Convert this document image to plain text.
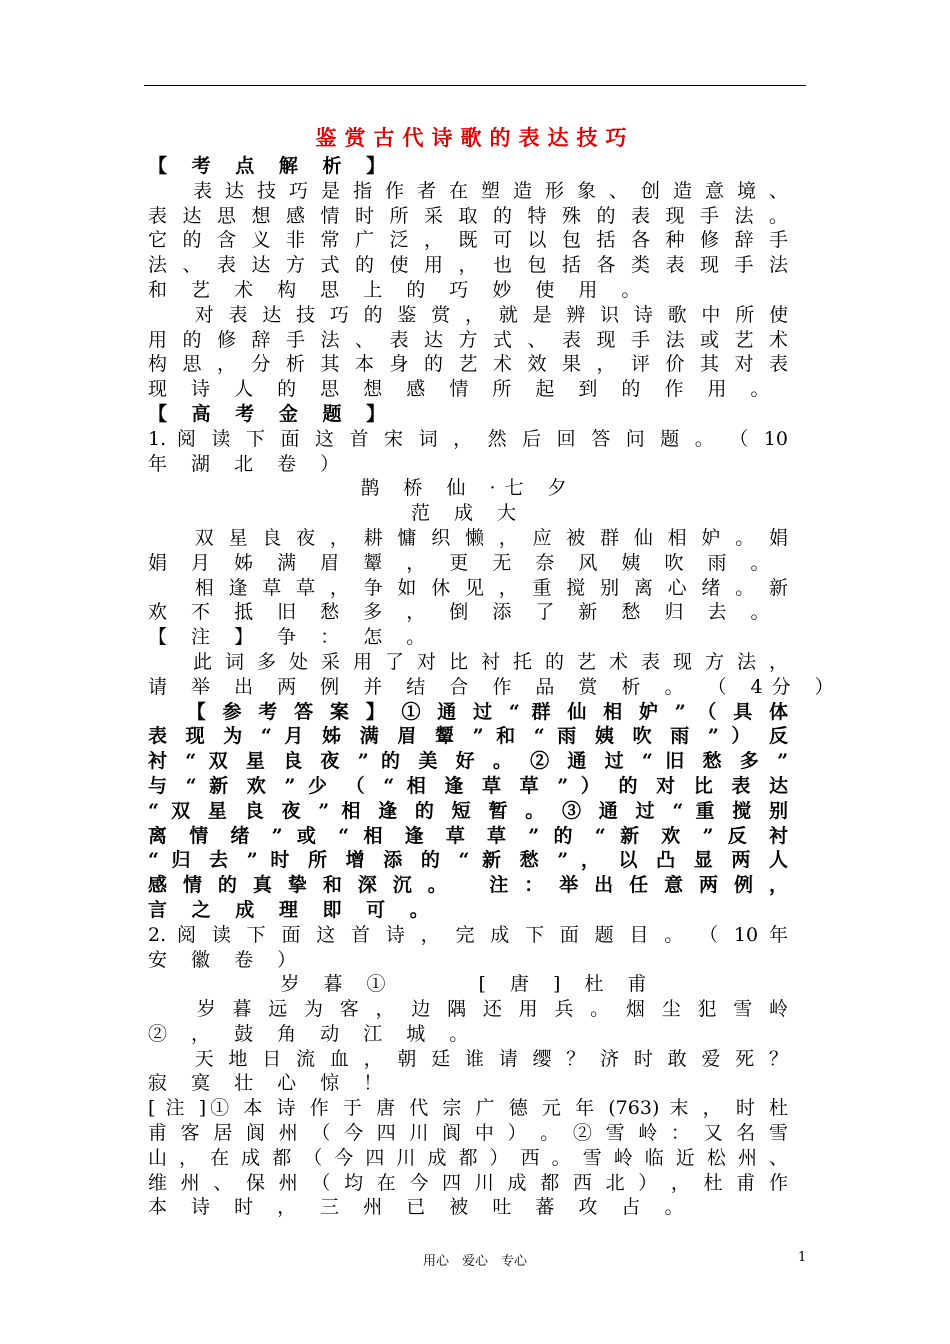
鉴赏古代诗歌的表达技巧
【 考 点 解 析 】
　　表 达 技 巧 是 指 作 者 在 塑 造 形 象 、 创 造 意 境 、
表 达 思 想 感 情 时 所 采 取 的 特 殊 的 表 现 手 法 。
它 的 含 义 非 常 广 泛 ， 既 可 以 包 括 各 种 修 辞 手
法 、 表 达 方 式 的 使 用 ， 也 包 括 各 类 表 现 手 法
和 艺 术 构 思 上 的 巧 妙 使 用 。
　　对 表 达 技 巧 的 鉴 赏 ， 就 是 辨 识 诗 歌 中 所 使
用 的 修 辞 手 法 、 表 达 方 式 、 表 现 手 法 或 艺 术
构 思 ， 分 析 其 本 身 的 艺 术 效 果 ， 评 价 其 对 表
现 诗 人 的 思 想 感 情 所 起 到 的 作 用 。
【 高 考 金 题 】
1. 阅 读 下 面 这 首 宋 词 ， 然 后 回 答 问 题 。 （ 10
年 湖 北 卷 ）
鹊 桥 仙 ·七 夕
范 成 大
　　双 星 良 夜 ， 耕 慵 织 懒 ， 应 被 群 仙 相 妒 。 娟
娟 月 姊 满 眉 颦 ， 更 无 奈 风 姨 吹 雨 。
　　相 逢 草 草 ， 争 如 休 见 ， 重 搅 别 离 心 绪 。 新
欢 不 抵 旧 愁 多 ， 倒 添 了 新 愁 归 去 。
【 注 】 争 ： 怎 。
　　此 词 多 处 采 用 了 对 比 衬 托 的 艺 术 表 现 方 法 ，
请 举 出 两 例 并 结 合 作 品 赏 析 。 （ 4分 ）
　　【 参 考 答 案 】 ① 通 过 “ 群 仙 相 妒 ” （ 具 体
表 现 为 “ 月 姊 满 眉 颦 ” 和 “ 雨 姨 吹 雨 ” ） 反
衬 “ 双 星 良 夜 ” 的 美 好 。 ② 通 过 “ 旧 愁 多 ”
与 “ 新 欢 ” 少 （ “ 相 逢 草 草 ” ） 的 对 比 表 达
“ 双 星 良 夜 ” 相 逢 的 短 暂 。 ③ 通 过 “ 重 搅 别
离 情 绪 ” 或 “ 相 逢 草 草 ” 的 “ 新 欢 ” 反 衬
“ 归 去 ” 时 所 增 添 的 “ 新 愁 ” ， 以 凸 显 两 人
感 情 的 真 挚 和 深 沉 。　　注 ： 举 出 任 意 两 例 ，
言 之 成 理 即 可 。
2. 阅 读 下 面 这 首 诗 ， 完 成 下 面 题 目 。 （ 10 年
安 徽 卷 ）
岁 暮 ①　　　[ 唐 ] 杜 甫
　　岁 暮 远 为 客 ， 边 隅 还 用 兵 。 烟 尘 犯 雪 岭
② ， 鼓 角 动 江 城 。
　　天 地 日 流 血 ， 朝 廷 谁 请 缨 ？ 济 时 敢 爱 死 ？
寂 寞 壮 心 惊 ！
[ 注 ]① 本 诗 作 于 唐 代 宗 广 德 元 年 (763) 末 ， 时 杜
甫 客 居 阆 州 （ 今 四 川 阆 中 ） 。 ② 雪 岭 ： 又 名 雪
山 ， 在 成 都 （ 今 四 川 成 都 ） 西 。 雪 岭 临 近 松 州 、
维 州 、 保 州 （ 均 在 今 四 川 成 都 西 北 ） ， 杜 甫 作
本 诗 时 ， 三 州 已 被 吐 蕃 攻 占 。
用心　爱心　专心	1
